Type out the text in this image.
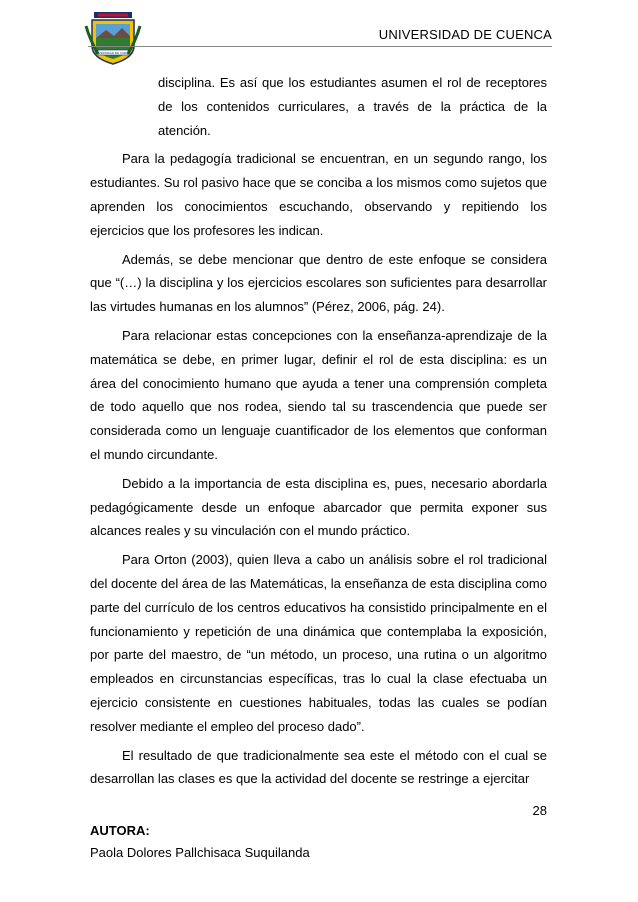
UNIVERSIDAD DE CUENCA
UNIVERSIDAD DE CUENCA

disciplina. Es así que los estudiantes asumen el rol de receptores de los contenidos curriculares, a través de la práctica de la atención.

Para la pedagogía tradicional se encuentran, en un segundo rango, los estudiantes. Su rol pasivo hace que se conciba a los mismos como sujetos que aprenden los conocimientos escuchando, observando y repitiendo los ejercicios que los profesores les indican.

Además, se debe mencionar que dentro de este enfoque se considera que “(…) la disciplina y los ejercicios escolares son suficientes para desarrollar las virtudes humanas en los alumnos” (Pérez, 2006, pág. 24).

Para relacionar estas concepciones con la enseñanza-aprendizaje de la matemática se debe, en primer lugar, definir el rol de esta disciplina: es un área del conocimiento humano que ayuda a tener una comprensión completa de todo aquello que nos rodea, siendo tal su trascendencia que puede ser considerada como un lenguaje cuantificador de los elementos que conforman el mundo circundante.

Debido a la importancia de esta disciplina es, pues, necesario abordarla pedagógicamente desde un enfoque abarcador que permita exponer sus alcances reales y su vinculación con el mundo práctico.

Para Orton (2003), quien lleva a cabo un análisis sobre el rol tradicional del docente del área de las Matemáticas, la enseñanza de esta disciplina como parte del currículo de los centros educativos ha consistido principalmente en el funcionamiento y repetición de una dinámica que contemplaba la exposición, por parte del maestro, de “un método, un proceso, una rutina o un algoritmo empleados en circunstancias específicas, tras lo cual la clase efectuaba un ejercicio consistente en cuestiones habituales, todas las cuales se podían resolver mediante el empleo del proceso dado”.

El resultado de que tradicionalmente sea este el método con el cual se desarrollan las clases es que la actividad del docente se restringe a ejercitar

28
AUTORA:
Paola Dolores Pallchisaca Suquilanda
